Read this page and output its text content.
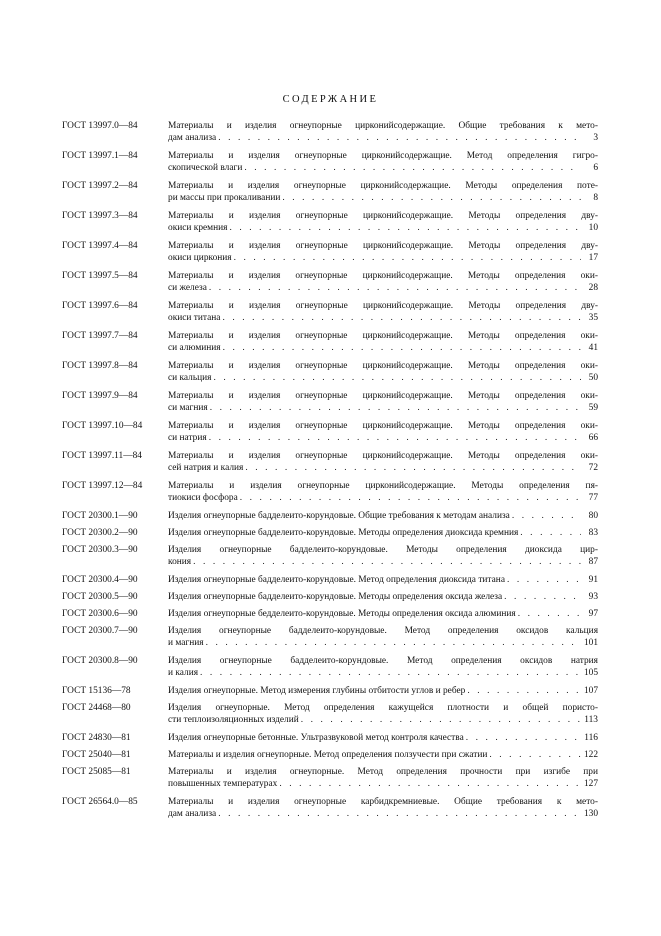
СОДЕРЖАНИЕ
ГОСТ 13997.0—84	Материалы и изделия огнеупорные цирконийсодержащие. Общие требования к мето-
дам анализа . . .	3
ГОСТ 13997.1—84	Материалы и изделия огнеупорные цирконийсодержащие. Метод определения гигро-
скопической влаги . . .	6
ГОСТ 13997.2—84	Материалы и изделия огнеупорные цирконийсодержащие. Методы определения поте-
ри массы при прокаливании . . .	8
ГОСТ 13997.3—84	Материалы и изделия огнеупорные цирконийсодержащие. Методы определения дву-
окиси кремния . . .	10
ГОСТ 13997.4—84	Материалы и изделия огнеупорные цирконийсодержащие. Методы определения дву-
окиси циркония . . .	17
ГОСТ 13997.5—84	Материалы и изделия огнеупорные цирконийсодержащие. Методы определения оки-
си железа . . .	28
ГОСТ 13997.6—84	Материалы и изделия огнеупорные цирконийсодержащие. Методы определения дву-
окиси титана . . .	35
ГОСТ 13997.7—84	Материалы и изделия огнеупорные цирконийсодержащие. Методы определения оки-
си алюминия . . .	41
ГОСТ 13997.8—84	Материалы и изделия огнеупорные цирконийсодержащие. Методы определения оки-
си кальция . . .	50
ГОСТ 13997.9—84	Материалы и изделия огнеупорные цирконийсодержащие. Методы определения оки-
си магния . . .	59
ГОСТ 13997.10—84	Материалы и изделия огнеупорные цирконийсодержащие. Методы определения оки-
си натрия . . .	66
ГОСТ 13997.11—84	Материалы и изделия огнеупорные цирконийсодержащие. Методы определения оки-
сей натрия и калия . . .	72
ГОСТ 13997.12—84	Материалы и изделия огнеупорные цирконийсодержащие. Методы определения пя-
тиокиси фосфора . . .	77
ГОСТ 20300.1—90	Изделия огнеупорные бадделеито-корундовые. Общие требования к методам анализа . . .	80
ГОСТ 20300.2—90	Изделия огнеупорные бадделеито-корундовые. Методы определения диоксида кремния . . .	83
ГОСТ 20300.3—90	Изделия огнеупорные бадделеито-корундовые. Методы определения диоксида цир-
кония . . .	87
ГОСТ 20300.4—90	Изделия огнеупорные бадделеито-корундовые. Метод определения диоксида титана . . .	91
ГОСТ 20300.5—90	Изделия огнеупорные бадделеито-корундовые. Методы определения оксида железа . . .	93
ГОСТ 20300.6—90	Изделия огнеупорные бедделеито-корундовые. Методы определения оксида алюминия . . .	97
ГОСТ 20300.7—90	Изделия огнеупорные бадделеито-корундовые. Метод определения оксидов кальция
и магния . . .	101
ГОСТ 20300.8—90	Изделия огнеупорные бадделеито-корундовые. Метод определения оксидов натрия
и калия . . .	105
ГОСТ 15136—78	Изделия огнеупорные. Метод измерения глубины отбитости углов и ребер . . .	107
ГОСТ 24468—80	Изделия огнеупорные. Метод определения кажущейся плотности и общей пористо-
сти теплоизоляционных изделий . . .	113
ГОСТ 24830—81	Изделия огнеупорные бетонные. Ультразвуковой метод контроля качества . . .	116
ГОСТ 25040—81	Материалы и изделия огнеупорные. Метод определения ползучести при сжатии . . .	122
ГОСТ 25085—81	Материалы и изделия огнеупорные. Метод определения прочности при изгибе при
повышенных температурах . . .	127
ГОСТ 26564.0—85	Материалы и изделия огнеупорные карбидкремниевые. Общие требования к мето-
дам анализа . . .	130
